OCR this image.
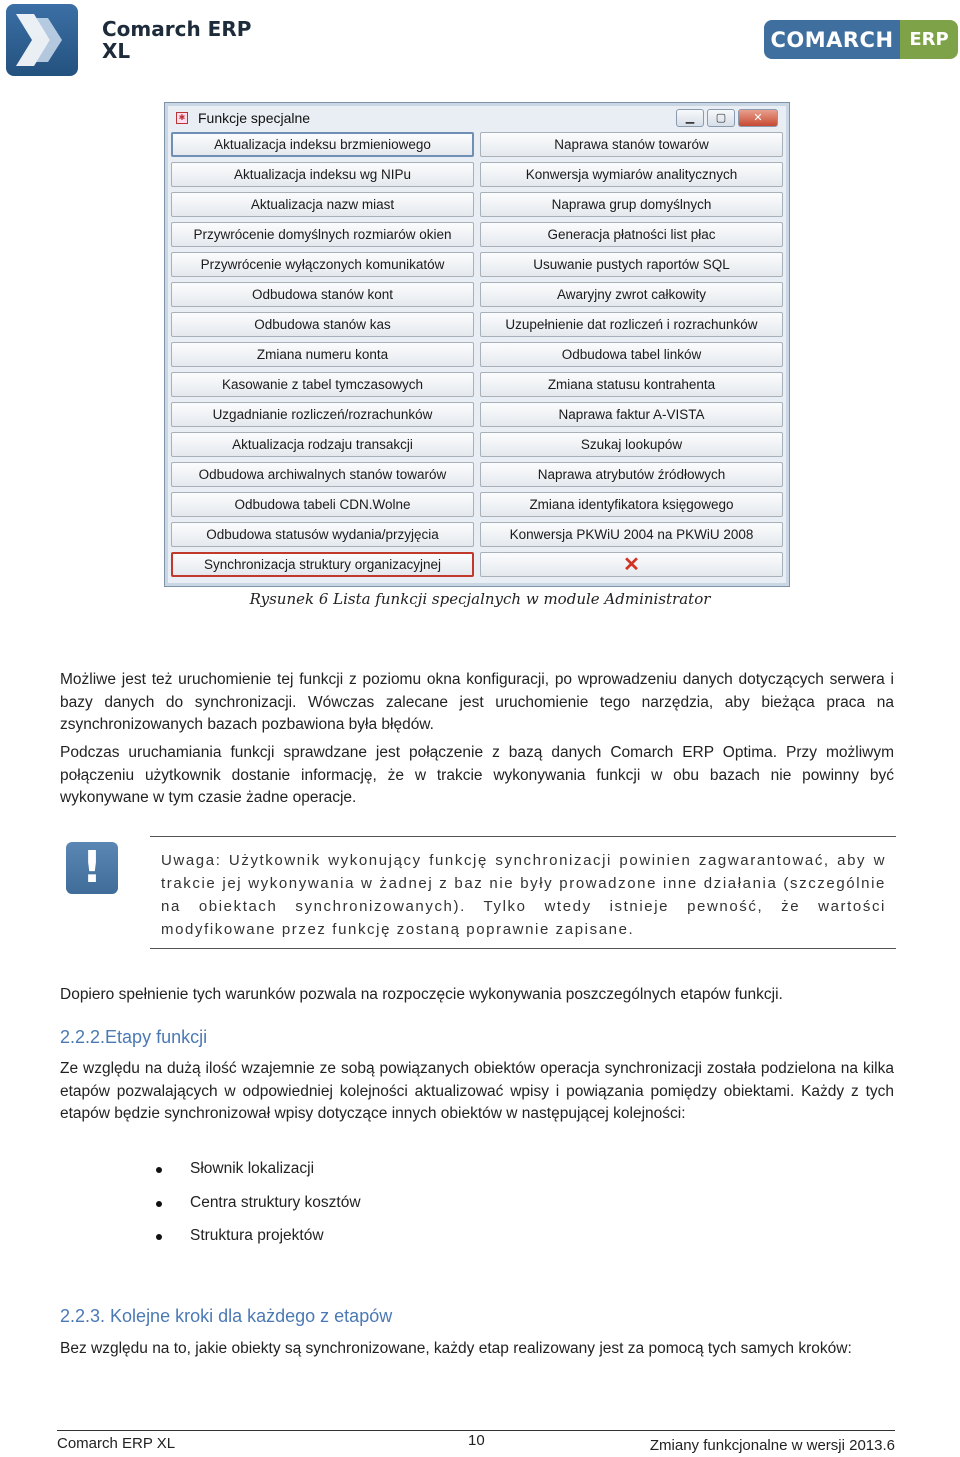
Comarch ERP
XL	COMARCH ERP
✱ Funkcje specjalne	▁	▢	✕
Aktualizacja indeksu brzmieniowego	Naprawa stanów towarów
Aktualizacja indeksu wg NIPu	Konwersja wymiarów analitycznych
Aktualizacja nazw miast	Naprawa grup domyślnych
Przywrócenie domyślnych rozmiarów okien	Generacja płatności list płac
Przywrócenie wyłączonych komunikatów	Usuwanie pustych raportów SQL
Odbudowa stanów kont	Awaryjny zwrot całkowity
Odbudowa stanów kas	Uzupełnienie dat rozliczeń i rozrachunków
Zmiana numeru konta	Odbudowa tabel linków
Kasowanie z tabel tymczasowych	Zmiana statusu kontrahenta
Uzgadnianie rozliczeń/rozrachunków	Naprawa faktur A-VISTA
Aktualizacja rodzaju transakcji	Szukaj lookupów
Odbudowa archiwalnych stanów towarów	Naprawa atrybutów źródłowych
Odbudowa tabeli CDN.Wolne	Zmiana identyfikatora księgowego
Odbudowa statusów wydania/przyjęcia	Konwersja PKWiU 2004 na PKWiU 2008
Synchronizacja struktury organizacyjnej	✕
Rysunek 6 Lista funkcji specjalnych w module Administrator
Możliwe jest też uruchomienie tej funkcji z poziomu okna konfiguracji, po wprowadzeniu danych dotyczących serwera i bazy danych do synchronizacji. Wówczas zalecane jest uruchomienie tego narzędzia, aby bieżąca praca na zsynchronizowanych bazach pozbawiona była błędów.
Podczas uruchamiania funkcji sprawdzane jest połączenie z bazą danych Comarch ERP Optima. Przy możliwym połączeniu użytkownik dostanie informację, że w trakcie wykonywania funkcji w obu bazach nie powinny być wykonywane w tym czasie żadne operacje.
!	Uwaga: Użytkownik wykonujący funkcję synchronizacji powinien zagwarantować, aby w trakcie jej wykonywania w żadnej z baz nie były prowadzone inne działania (szczególnie na obiektach synchronizowanych). Tylko wtedy istnieje pewność, że wartości modyfikowane przez funkcję zostaną poprawnie zapisane.
Dopiero spełnienie tych warunków pozwala na rozpoczęcie wykonywania poszczególnych etapów funkcji.
2.2.2.Etapy funkcji
Ze względu na dużą ilość wzajemnie ze sobą powiązanych obiektów operacja synchronizacji została podzielona na kilka etapów pozwalających w odpowiedniej kolejności aktualizować wpisy i powiązania pomiędzy obiektami. Każdy z tych etapów będzie synchronizował wpisy dotyczące innych obiektów w następującej kolejności:
Słownik lokalizacji
Centra struktury kosztów
Struktura projektów
2.2.3. Kolejne kroki dla każdego z etapów
Bez względu na to, jakie obiekty są synchronizowane, każdy etap realizowany jest za pomocą tych samych kroków:
Comarch ERP XL	10	Zmiany funkcjonalne w wersji 2013.6
